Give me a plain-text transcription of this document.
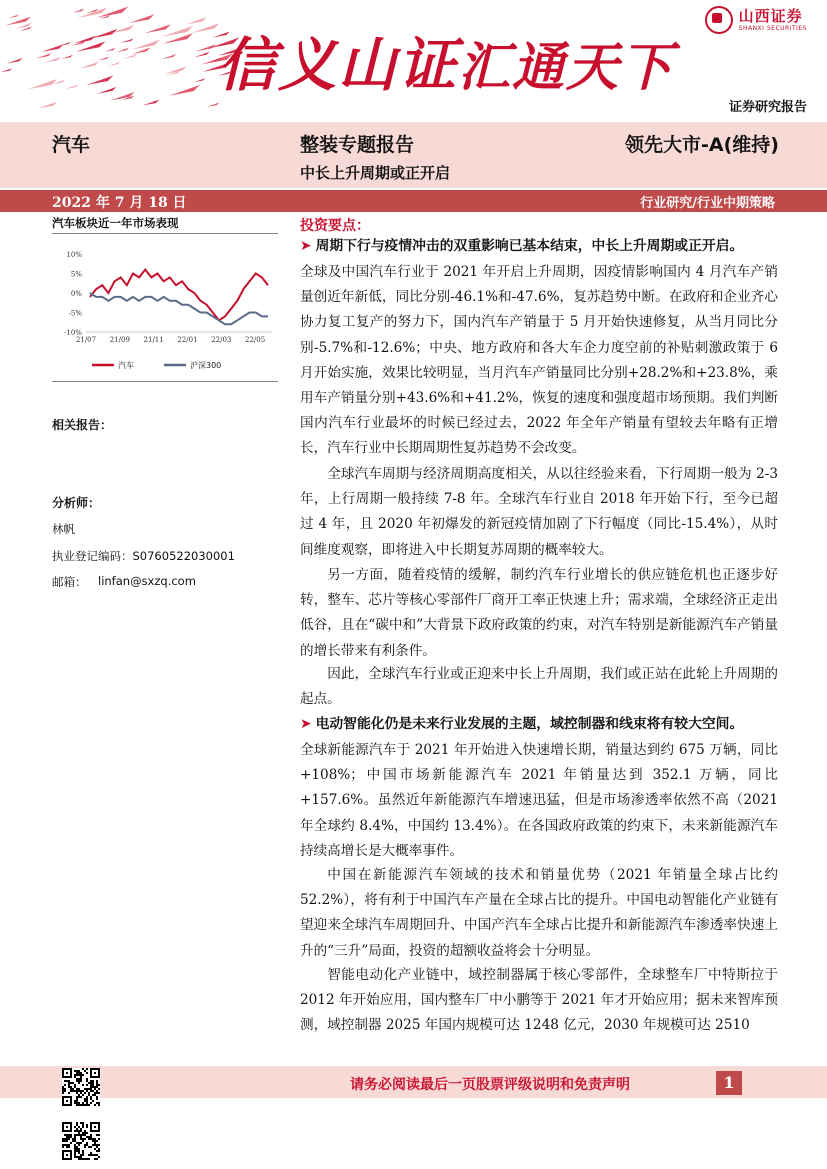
信义山证汇通天下
山西证券
SHANXI SECURITIES
证券研究报告
汽车	整装专题报告	领先大市-A(维持)
中长上升周期或正开启
2022 年 7 月 18 日	行业研究/行业中期策略
汽车板块近一年市场表现
10%
5%
0%
-5%
-10%
21/07 21/09 21/11 22/01 22/03 22/05
汽车	沪深300
相关报告：
分析师：
林帆
执业登记编码：S0760522030001
邮箱： linfan@sxzq.com
投资要点：
➤ 周期下行与疫情冲击的双重影响已基本结束，中长上升周期或正开启。
全球及中国汽车行业于 2021 年开启上升周期，因疫情影响国内 4 月汽车产销量创近年新低，同比分别-46.1%和-47.6%，复苏趋势中断。在政府和企业齐心协力复工复产的努力下，国内汽车产销量于 5 月开始快速修复，从当月同比分别-5.7%和-12.6%；中央、地方政府和各大车企力度空前的补贴刺激政策于 6 月开始实施，效果比较明显，当月汽车产销量同比分别+28.2%和+23.8%，乘用车产销量分别+43.6%和+41.2%，恢复的速度和强度超市场预期。我们判断国内汽车行业最坏的时候已经过去，2022 年全年产销量有望较去年略有正增长，汽车行业中长期周期性复苏趋势不会改变。
全球汽车周期与经济周期高度相关，从以往经验来看，下行周期一般为 2-3 年，上行周期一般持续 7-8 年。全球汽车行业自 2018 年开始下行，至今已超过 4 年，且 2020 年初爆发的新冠疫情加剧了下行幅度（同比-15.4%），从时间维度观察，即将进入中长期复苏周期的概率较大。
另一方面，随着疫情的缓解，制约汽车行业增长的供应链危机也正逐步好转，整车、芯片等核心零部件厂商开工率正快速上升；需求端，全球经济正走出低谷，且在“碳中和”大背景下政府政策的约束，对汽车特别是新能源汽车产销量的增长带来有利条件。
因此，全球汽车行业或正迎来中长上升周期，我们或正站在此轮上升周期的起点。
➤ 电动智能化仍是未来行业发展的主题，域控制器和线束将有较大空间。
全球新能源汽车于 2021 年开始进入快速增长期，销量达到约 675 万辆，同比+108%；中国市场新能源汽车 2021 年销量达到 352.1 万辆，同比+157.6%。虽然近年新能源汽车增速迅猛，但是市场渗透率依然不高（2021 年全球约 8.4%，中国约 13.4%）。在各国政府政策的约束下，未来新能源汽车持续高增长是大概率事件。
中国在新能源汽车领域的技术和销量优势（2021 年销量全球占比约 52.2%），将有利于中国汽车产量在全球占比的提升。中国电动智能化产业链有望迎来全球汽车周期回升、中国产汽车全球占比提升和新能源汽车渗透率快速上升的“三升”局面，投资的超额收益将会十分明显。
智能电动化产业链中，域控制器属于核心零部件，全球整车厂中特斯拉于 2012 年开始应用，国内整车厂中小鹏等于 2021 年才开始应用；据未来智库预测，域控制器 2025 年国内规模可达 1248 亿元，2030 年规模可达 2510
请务必阅读最后一页股票评级说明和免责声明	1
